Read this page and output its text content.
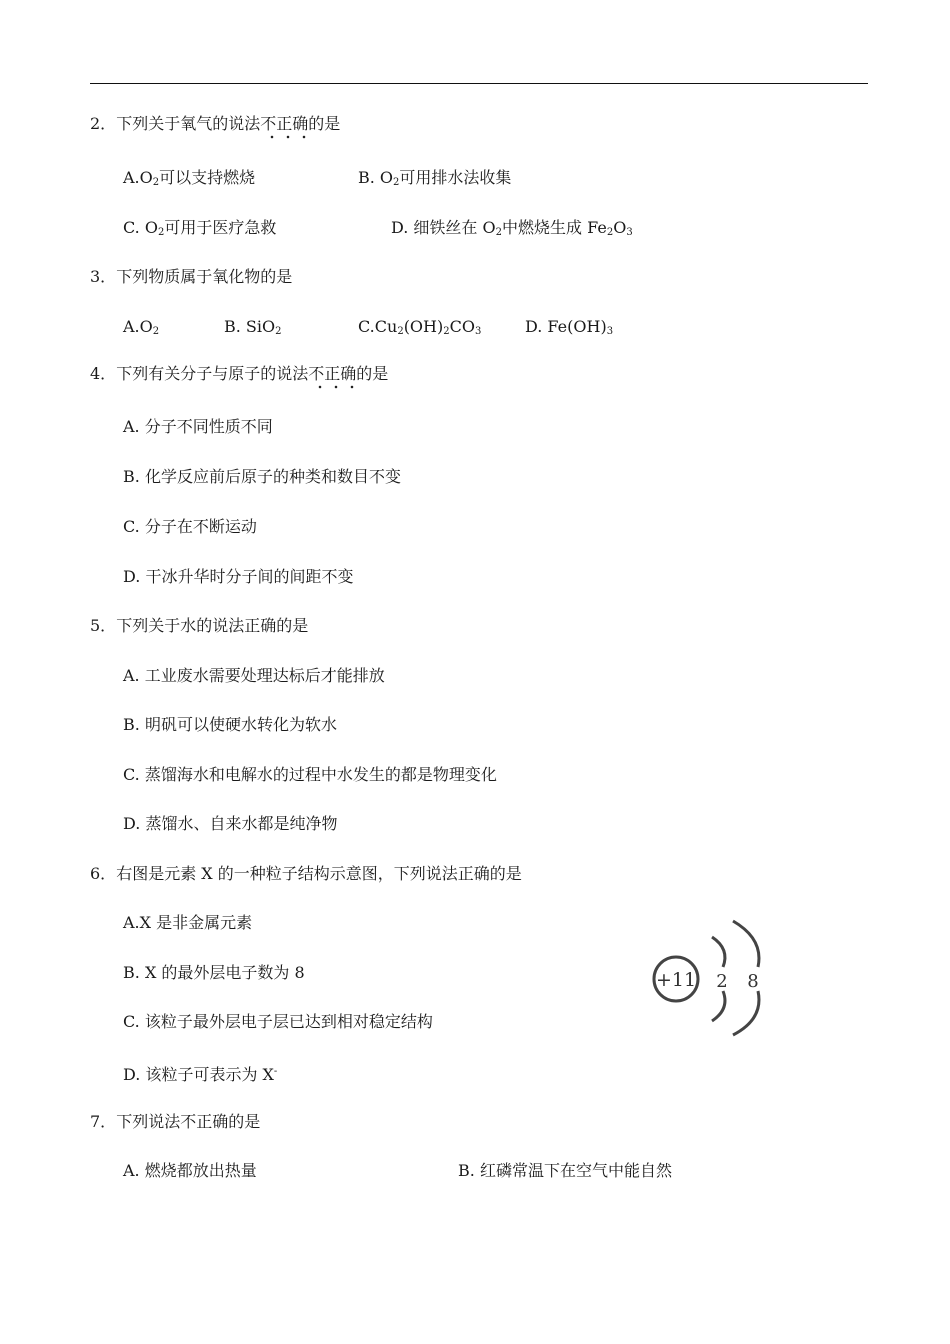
2．下列关于氧气的说法不正确的是
$A.O_2$可以支持燃烧	B. $O_2$可用排水法收集
C. $O_2$可用于医疗急救	D. 细铁丝在 $O_2$中燃烧生成 $Fe_2O_3$
3．下列物质属于氧化物的是
$A.O_2$	B. SiO$_2$	$C.Cu_2(OH)_2CO_3$	D. $Fe(OH)_3$
4．下列有关分子与原子的说法不正确的是
A. 分子不同性质不同
B. 化学反应前后原子的种类和数目不变
C. 分子在不断运动
D. 干冰升华时分子间的间距不变
5．下列关于水的说法正确的是
A. 工业废水需要处理达标后才能排放
B. 明矾可以使硬水转化为软水
C. 蒸馏海水和电解水的过程中水发生的都是物理变化
D. 蒸馏水、自来水都是纯净物
6．右图是元素 X 的一种粒子结构示意图，下列说法正确的是
A.X 是非金属元素
B. X 的最外层电子数为 8
C. 该粒子最外层电子层已达到相对稳定结构
D. 该粒子可表示为 X-
+11 2 8
7．下列说法不正确的是
A. 燃烧都放出热量	B. 红磷常温下在空气中能自然
